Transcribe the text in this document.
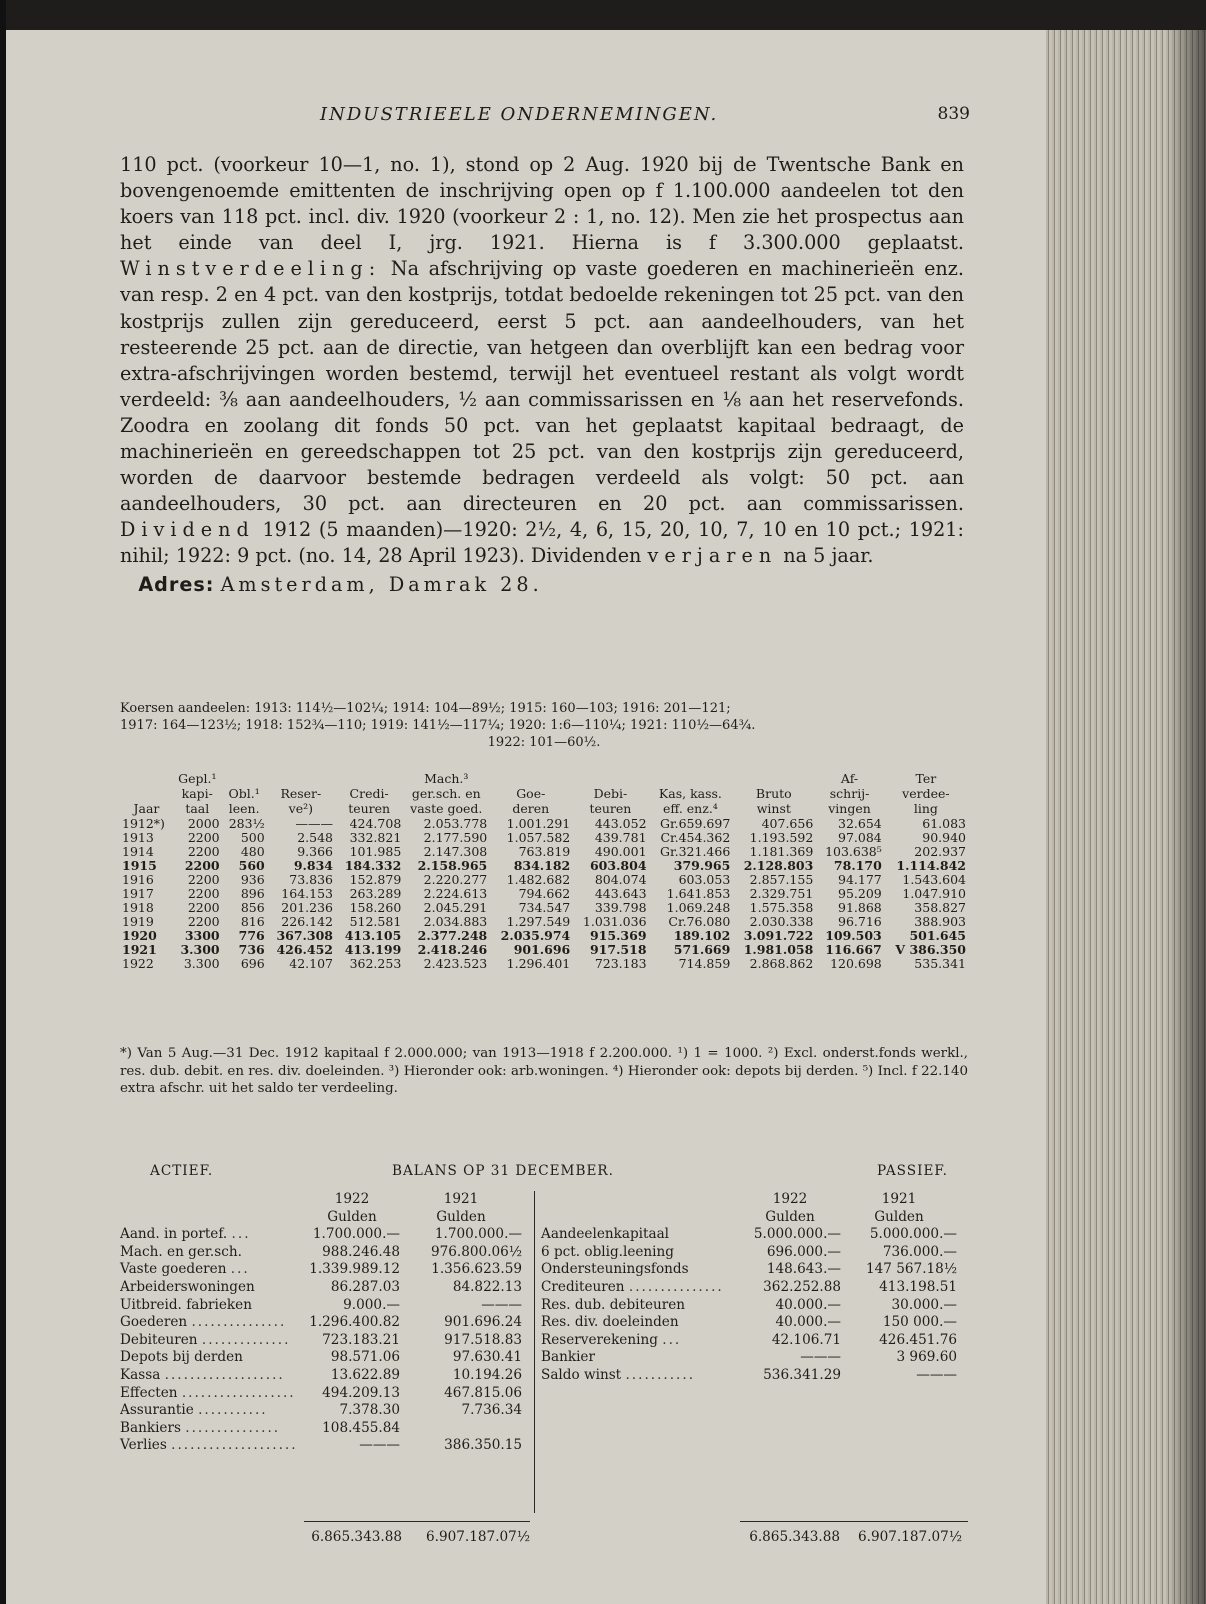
INDUSTRIEELE ONDERNEMINGEN.	839

110 pct. (voorkeur 10—1, no. 1), stond op 2 Aug. 1920 bij de Twentsche Bank en bovengenoemde emittenten de inschrijving open op f 1.100.000 aandeelen tot den koers van 118 pct. incl. div. 1920 (voorkeur 2 : 1, no. 12). Men zie het prospectus aan het einde van deel I, jrg. 1921. Hierna is f 3.300.000 geplaatst. Winstverdeeling: Na afschrijving op vaste goederen en machinerieën enz. van resp. 2 en 4 pct. van den kostprijs, totdat bedoelde rekeningen tot 25 pct. van den kostprijs zullen zijn gereduceerd, eerst 5 pct. aan aandeelhouders, van het resteerende 25 pct. aan de directie, van hetgeen dan overblijft kan een bedrag voor extra-afschrijvingen worden bestemd, terwijl het eventueel restant als volgt wordt verdeeld: ⅜ aan aandeelhouders, ½ aan commissarissen en ⅛ aan het reservefonds. Zoodra en zoolang dit fonds 50 pct. van het geplaatst kapitaal bedraagt, de machinerieën en gereedschappen tot 25 pct. van den kostprijs zijn gereduceerd, worden de daarvoor bestemde bedragen verdeeld als volgt: 50 pct. aan aandeelhouders, 30 pct. aan directeuren en 20 pct. aan commissarissen. Dividend 1912 (5 maanden)—1920: 2½, 4, 6, 15, 20, 10, 7, 10 en 10 pct.; 1921: nihil; 1922: 9 pct. (no. 14, 28 April 1923). Dividenden verjaren na 5 jaar.

Adres: Amsterdam, Damrak 28.

Koersen aandeelen: 1913: 114½—102¼; 1914: 104—89½; 1915: 160—103; 1916: 201—121;
1917: 164—123½; 1918: 152¾—110; 1919: 141½—117¼; 1920: 1:6—110¼; 1921: 110½—64¾.
1922: 101—60½.
	Gepl.¹				Mach.³					Af-	Ter
	kapi-	Obl.¹	Reser-	Credi-	ger.sch. en	Goe-	Debi-	Kas, kass.	Bruto	schrij-	verdee-
Jaar	taal	leen.	ve²)	teuren	vaste goed.	deren	teuren	eff. enz.⁴	winst	vingen	ling
1912*)	2000	283½	———	424.708	2.053.778	1.001.291	443.052	Gr.659.697	407.656	32.654	61.083
1913	2200	500	2.548	332.821	2.177.590	1.057.582	439.781	Cr.454.362	1.193.592	97.084	90.940
1914	2200	480	9.366	101.985	2.147.308	763.819	490.001	Gr.321.466	1.181.369	103.638⁵	202.937
1915	2200	560	9.834	184.332	2.158.965	834.182	603.804	379.965	2.128.803	78.170	1.114.842
1916	2200	936	73.836	152.879	2.220.277	1.482.682	804.074	603.053	2.857.155	94.177	1.543.604
1917	2200	896	164.153	263.289	2.224.613	794.662	443.643	1.641.853	2.329.751	95.209	1.047.910
1918	2200	856	201.236	158.260	2.045.291	734.547	339.798	1.069.248	1.575.358	91.868	358.827
1919	2200	816	226.142	512.581	2.034.883	1.297.549	1.031.036	Cr.76.080	2.030.338	96.716	388.903
1920	3300	776	367.308	413.105	2.377.248	2.035.974	915.369	189.102	3.091.722	109.503	501.645
1921	3.300	736	426.452	413.199	2.418.246	901.696	917.518	571.669	1.981.058	116.667	V 386.350
1922	3.300	696	42.107	362.253	2.423.523	1.296.401	723.183	714.859	2.868.862	120.698	535.341
*) Van 5 Aug.—31 Dec. 1912 kapitaal f 2.000.000; van 1913—1918 f 2.200.000. ¹) 1 = 1000. ²) Excl. onderst.fonds werkl., res. dub. debit. en res. div. doeleinden. ³) Hieronder ook: arb.woningen. ⁴) Hieronder ook: depots bij derden. ⁵) Incl. f 22.140 extra afschr. uit het saldo ter verdeeling.
ACTIEF.	BALANS OP 31 DECEMBER.	PASSIEF.
1922	1921
Gulden	Gulden
Aand. in portef. ...	1.700.000.—	1.700.000.—
Mach. en ger.sch.	988.246.48	976.800.06½
Vaste goederen ...	1.339.989.12	1.356.623.59
Arbeiderswoningen	86.287.03	84.822.13
Uitbreid. fabrieken	9.000.—	———
Goederen ...............	1.296.400.82	901.696.24
Debiteuren ..............	723.183.21	917.518.83
Depots bij derden	98.571.06	97.630.41
Kassa ...................	13.622.89	10.194.26
Effecten ..................	494.209.13	467.815.06
Assurantie ...........	7.378.30	7.736.34
Bankiers ...............	108.455.84
Verlies ....................	———	386.350.15
1922	1921
Gulden	Gulden
Aandeelenkapitaal	5.000.000.—	5.000.000.—
6 pct. oblig.leening	696.000.—	736.000.—
Ondersteuningsfonds	148.643.—	147 567.18½
Crediteuren ...............	362.252.88	413.198.51
Res. dub. debiteuren	40.000.—	30.000.—
Res. div. doeleinden	40.000.—	150 000.—
Reserverekening ...	42.106.71	426.451.76
Bankier	———	3 969.60
Saldo winst ...........	536.341.29	———
6.865.343.88	6.907.187.07½	6.865.343.88	6.907.187.07½
